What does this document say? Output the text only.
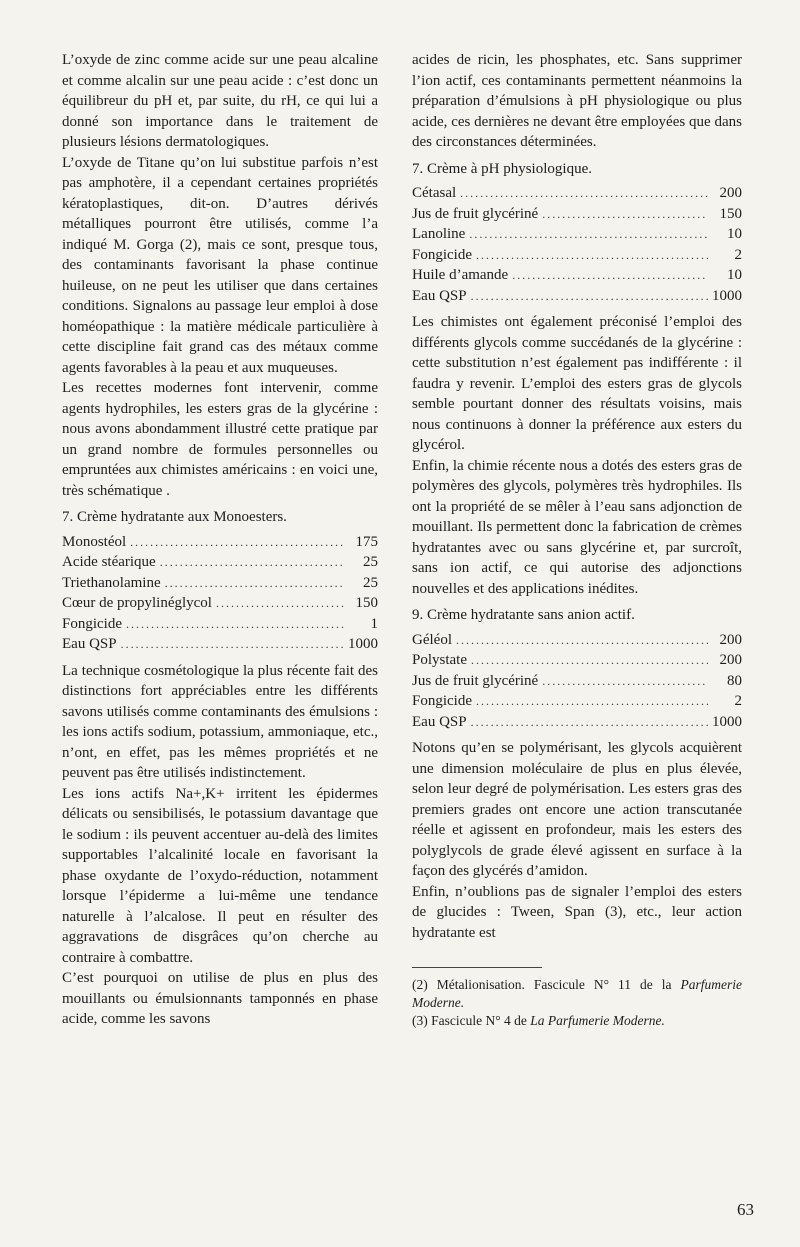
L’oxyde de zinc comme acide sur une peau alcaline et comme alcalin sur une peau acide : c’est donc un équilibreur du pH et, par suite, du rH, ce qui lui a donné son importance dans le traitement de plusieurs lésions dermatologiques.

L’oxyde de Titane qu’on lui substitue parfois n’est pas amphotère, il a cependant certaines propriétés kératoplastiques, dit-on. D’autres dérivés métalliques pourront être utilisés, comme l’a indiqué M. Gorga (2), mais ce sont, presque tous, des contaminants favorisant la phase continue huileuse, on ne peut les utiliser que dans certaines conditions. Signalons au passage leur emploi à dose homéopathique : la matière médicale particulière à cette discipline fait grand cas des métaux comme agents favorables à la peau et aux muqueuses.

Les recettes modernes font intervenir, comme agents hydrophiles, les esters gras de la glycérine : nous avons abondamment illustré cette pratique par un grand nombre de formules personnelles ou empruntées aux chimistes américains : en voici une, très schématique .

7. Crème hydratante aux Monoesters.
Monostéol .....	175
Acide stéarique .....	25
Triethanolamine .....	25
Cœur de propylinéglycol .....	150
Fongicide .....	1
Eau QSP .....	1000

La technique cosmétologique la plus récente fait des distinctions fort appréciables entre les différents savons utilisés comme contaminants des émulsions : les ions actifs sodium, potassium, ammoniaque, etc., n’ont, en effet, pas les mêmes propriétés et ne peuvent pas être utilisés indistinctement.

Les ions actifs Na+,K+ irritent les épidermes délicats ou sensibilisés, le potassium davantage que le sodium : ils peuvent accentuer au-delà des limites supportables l’alcalinité locale en favorisant la phase oxydante de l’oxydo-réduction, notamment lorsque l’épiderme a lui-même une tendance naturelle à l’alcalose. Il peut en résulter des aggravations de disgrâces qu’on cherche au contraire à combattre.

C’est pourquoi on utilise de plus en plus des mouillants ou émulsionnants tamponnés en phase acide, comme les savons

acides de ricin, les phosphates, etc. Sans supprimer l’ion actif, ces contaminants permettent néanmoins la préparation d’émulsions à pH physiologique ou plus acide, ces dernières ne devant être employées que dans des circonstances déterminées.

7. Crème à pH physiologique.
Cétasal .....	200
Jus de fruit glycériné .....	150
Lanoline .....	10
Fongicide .....	2
Huile d’amande .....	10
Eau QSP .....	1000

Les chimistes ont également préconisé l’emploi des différents glycols comme succédanés de la glycérine : cette substitution n’est également pas indifférente : il faudra y revenir. L’emploi des esters gras de glycols semble pourtant donner des résultats voisins, mais nous continuons à donner la préférence aux esters du glycérol.

Enfin, la chimie récente nous a dotés des esters gras de polymères des glycols, polymères très hydrophiles. Ils ont la propriété de se mêler à l’eau sans adjonction de mouillant. Ils permettent donc la fabrication de crèmes hydratantes avec ou sans glycérine et, par surcroît, sans ion actif, ce qui autorise des adjonctions nouvelles et des applications inédites.

9. Crème hydratante sans anion actif.
Géléol .....	200
Polystate .....	200
Jus de fruit glycériné .....	80
Fongicide .....	2
Eau QSP .....	1000

Notons qu’en se polymérisant, les glycols acquièrent une dimension moléculaire de plus en plus élevée, selon leur degré de polymérisation. Les esters gras des premiers grades ont encore une action transcutanée réelle et agissent en profondeur, mais les esters des polyglycols de grade élevé agissent en surface à la façon des glycérés d’amidon.

Enfin, n’oublions pas de signaler l’emploi des esters de glucides : Tween, Span (3), etc., leur action hydratante est

(2) Métalionisation. Fascicule N° 11 de la Parfumerie Moderne.

(3) Fascicule N° 4 de La Parfumerie Moderne.

63
